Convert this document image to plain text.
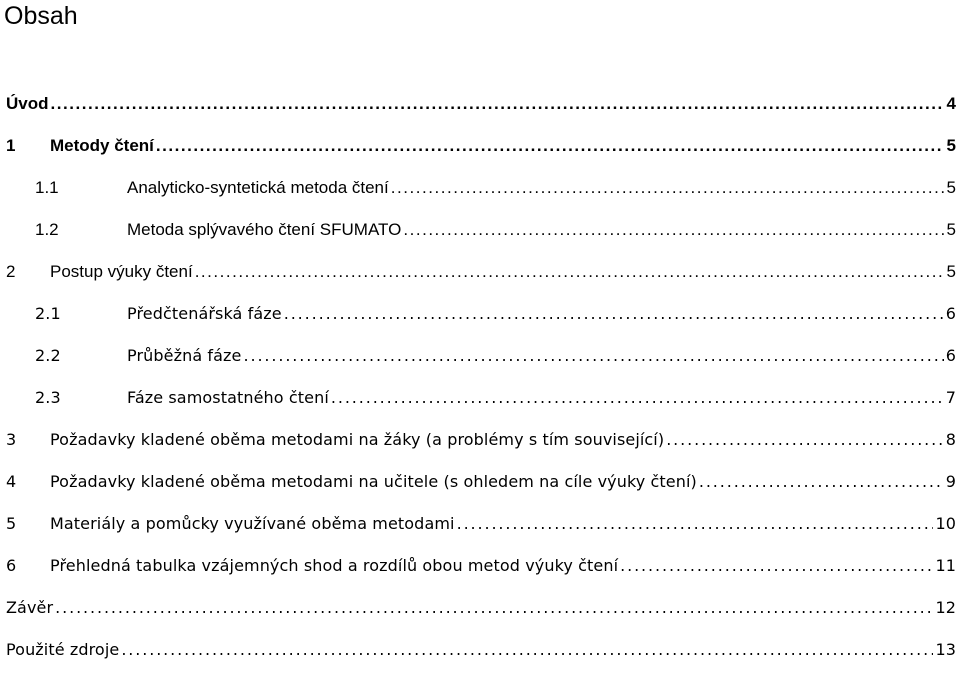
Obsah
Úvod . . .	4
1	Metody čtení . . .	5
1.1	Analyticko-syntetická metoda čtení . . .	5
1.2	Metoda splývavého čtení SFUMATO . . .	5
2	Postup výuky čtení . . .	5
2.1	Předčtenářská fáze . . .	6
2.2	Průběžná fáze . . .	6
2.3	Fáze samostatného čtení . . .	7
3	Požadavky kladené oběma metodami na žáky (a problémy s tím související) . . .	8
4	Požadavky kladené oběma metodami na učitele (s ohledem na cíle výuky čtení) . . .	9
5	Materiály a pomůcky využívané oběma metodami . . .	10
6	Přehledná tabulka vzájemných shod a rozdílů obou metod výuky čtení . . .	11
Závěr . . .	12
Použité zdroje . . .	13
